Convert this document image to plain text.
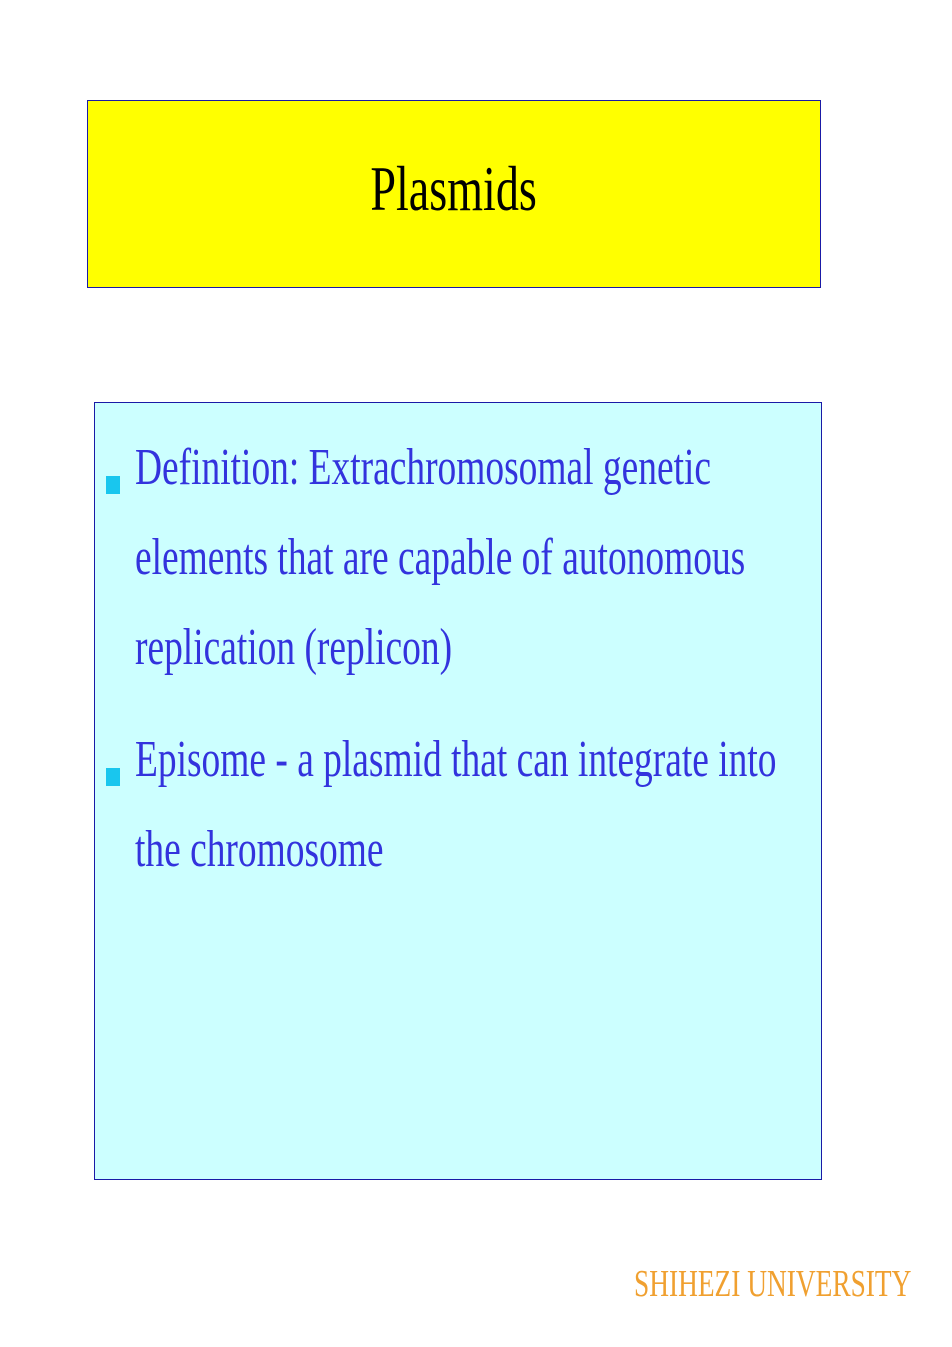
Plasmids
Definition: Extrachromosomal genetic
elements that are capable of autonomous
replication (replicon)
Episome - a plasmid that can integrate into
the chromosome
SHIHEZI UNIVERSITY
